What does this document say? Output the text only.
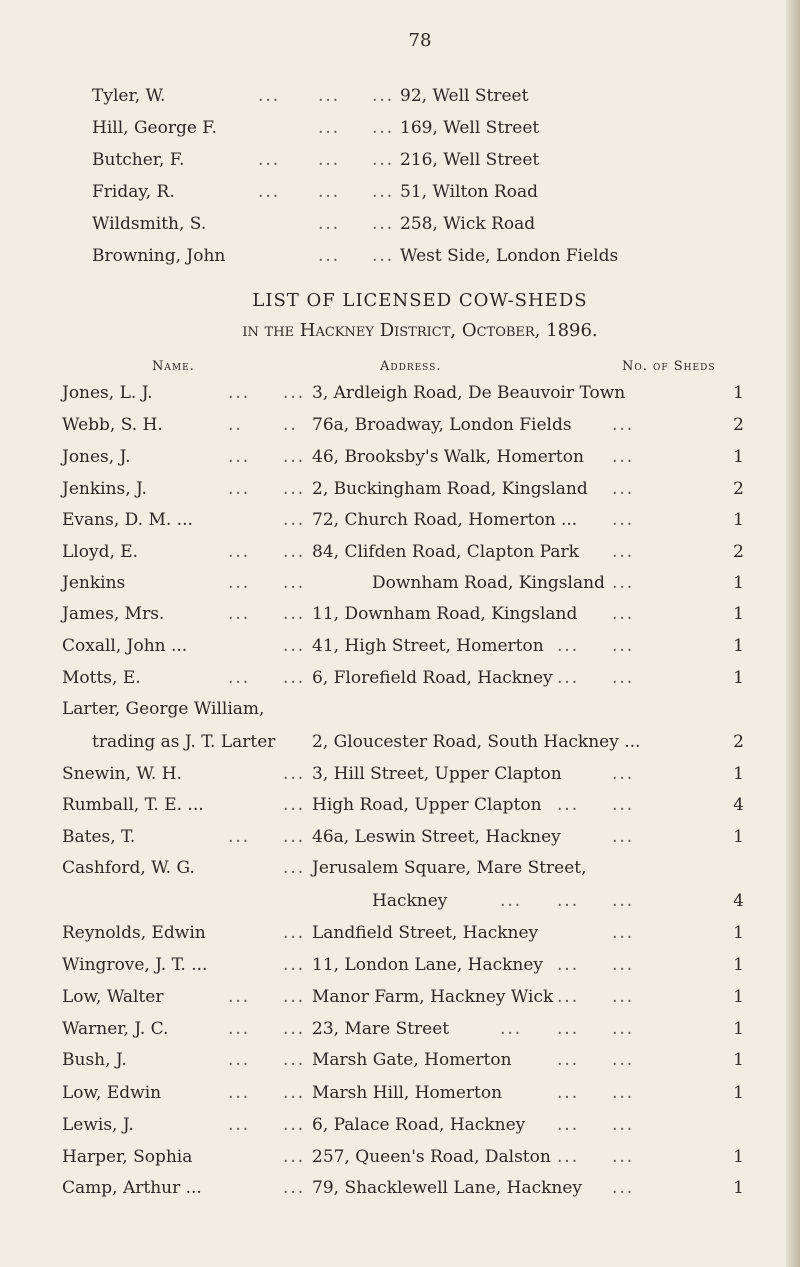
78
Tyler, W.	... ... ... 92, Well Street
Hill, George F.	... ... 169, Well Street
Butcher, F.	... ... ... 216, Well Street
Friday, R.	... ... ... 51, Wilton Road
Wildsmith, S.	... ... 258, Wick Road
Browning, John	... ... West Side, London Fields
LIST OF LICENSED COW-SHEDS
in the Hackney District, October, 1896.
Name.	Address.	No. of Sheds
Jones, L. J.	... ... 3, Ardleigh Road, De Beauvoir Town	1
Webb, S. H.	.. .. 76a, Broadway, London Fields ...	2
Jones, J.	... ... 46, Brooksby's Walk, Homerton ...	1
Jenkins, J.	... ... 2, Buckingham Road, Kingsland ...	2
Evans, D. M. ...	... 72, Church Road, Homerton ... ...	1
Lloyd, E.	... ... 84, Clifden Road, Clapton Park ...	2
Jenkins	... ...	Downham Road, Kingsland ...	1
James, Mrs.	... ... 11, Downham Road, Kingsland ...	1
Coxall, John ...	... 41, High Street, Homerton ... ...	1
Motts, E.	... ... 6, Florefield Road, Hackney ... ...	1
Larter, George William,
trading as J. T. Larter 2, Gloucester Road, South Hackney ...	2
Snewin, W. H.	... 3, Hill Street, Upper Clapton	...	1
Rumball, T. E. ...	... High Road, Upper Clapton ... ...	4
Bates, T.	... ... 46a, Leswin Street, Hackney	...	1
Cashford, W. G.	... Jerusalem Square, Mare Street,
Hackney	... ... ...	4
Reynolds, Edwin	... Landfield Street, Hackney	...	1
Wingrove, J. T. ...	... 11, London Lane, Hackney ... ...	1
Low, Walter	... ... Manor Farm, Hackney Wick ... ...	1
Warner, J. C.	... ... 23, Mare Street	... ... ...	1
Bush, J.	... ... Marsh Gate, Homerton	... ...	1
Low, Edwin	... ... Marsh Hill, Homerton	... ...	1
Lewis, J.	... ... 6, Palace Road, Hackney ... ...
Harper, Sophia	... 257, Queen's Road, Dalston ... ...	1
Camp, Arthur ...	... 79, Shacklewell Lane, Hackney ...	1
